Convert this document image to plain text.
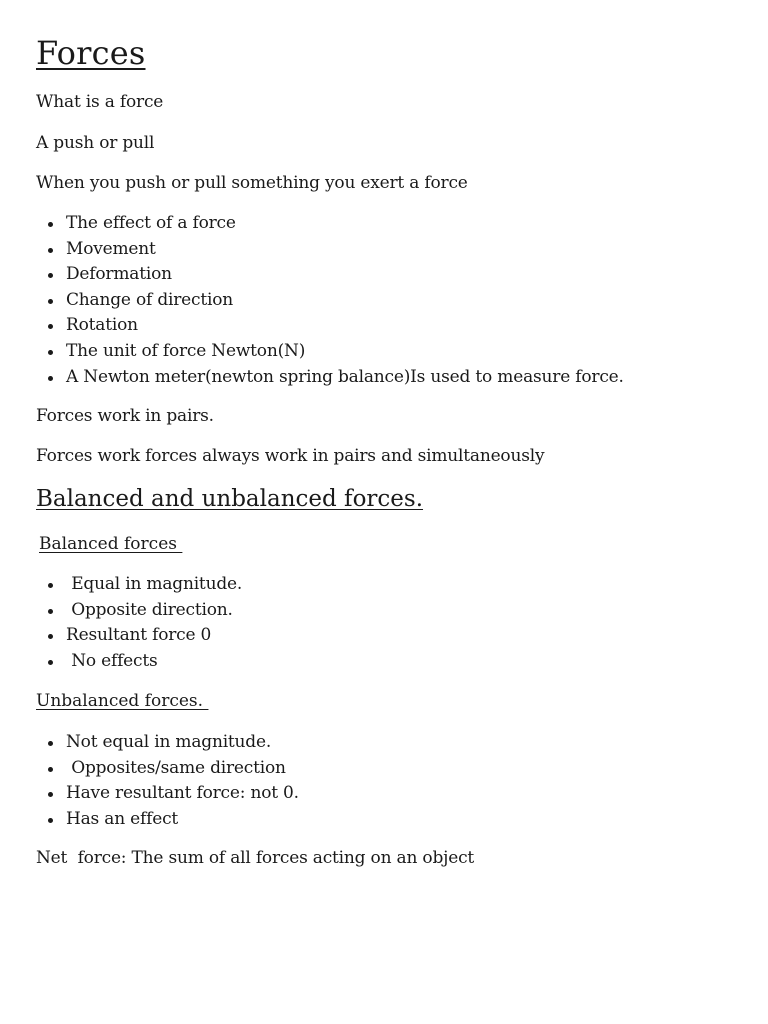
Forces

What is a force

A push or pull

When you push or pull something you exert a force

The effect of a force
Movement
Deformation
Change of direction
Rotation
The unit of force Newton(N)
A Newton meter(newton spring balance)Is used to measure force.

Forces work in pairs.

Forces work forces always work in pairs and simultaneously

Balanced and unbalanced forces.

Balanced forces

Equal in magnitude.
Opposite direction.
Resultant force 0
No effects

Unbalanced forces.

Not equal in magnitude.
Opposites/same direction
Have resultant force: not 0.
Has an effect

Net  force: The sum of all forces acting on an object
